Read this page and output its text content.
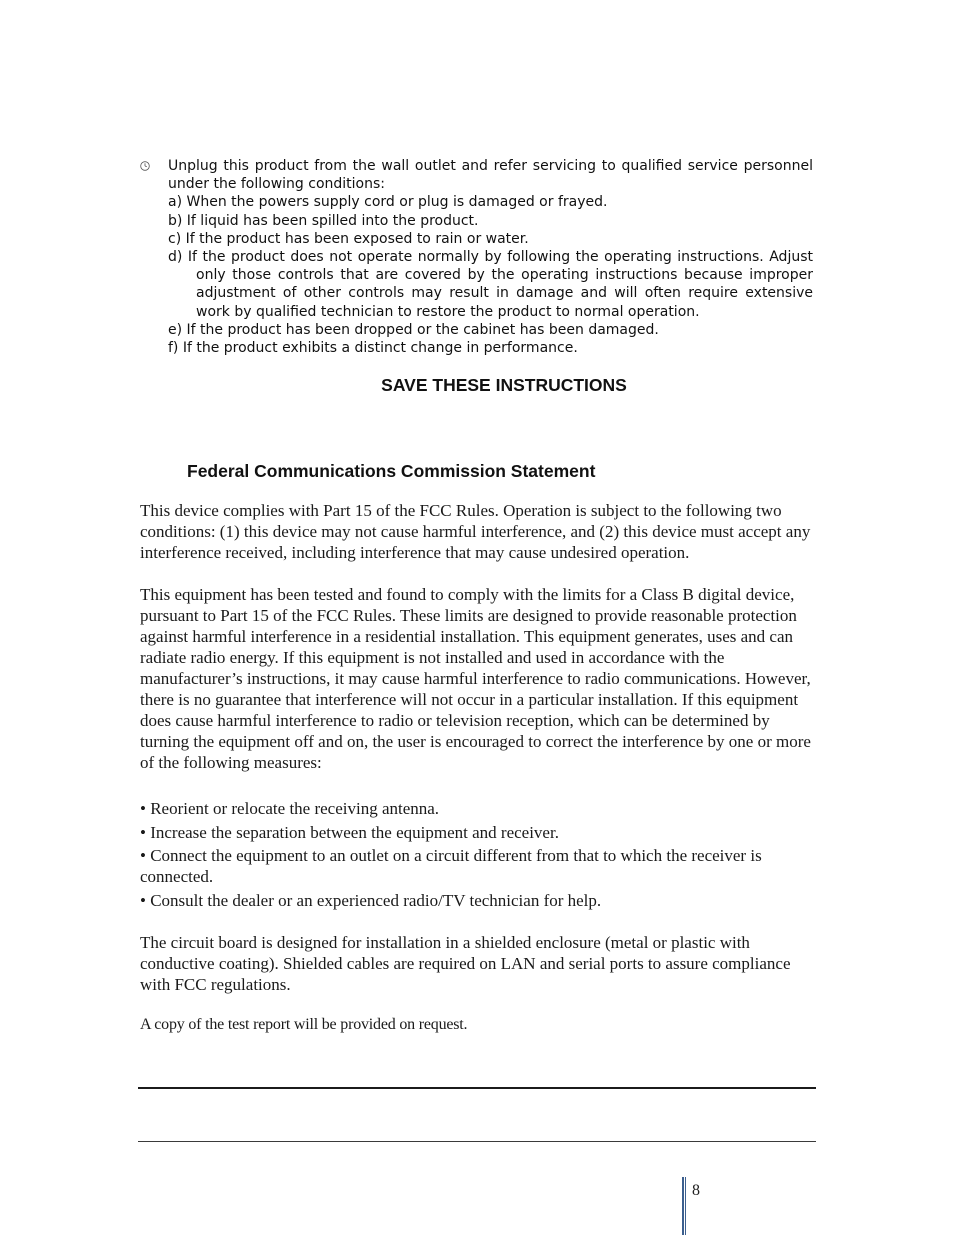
Unplug this product from the wall outlet and refer servicing to qualified service personnel under the following conditions:
a) When the powers supply cord or plug is damaged or frayed.
b) If liquid has been spilled into the product.
c) If the product has been exposed to rain or water.
d) If the product does not operate normally by following the operating instructions. Adjust only those controls that are covered by the operating instructions because improper adjustment of other controls may result in damage and will often require extensive work by qualified technician to restore the product to normal operation.
e) If the product has been dropped or the cabinet has been damaged.
f) If the product exhibits a distinct change in performance.
SAVE THESE INSTRUCTIONS
Federal Communications Commission Statement

This device complies with Part 15 of the FCC Rules. Operation is subject to the following two conditions: (1) this device may not cause harmful interference, and (2) this device must accept any interference received, including interference that may cause undesired operation.

This equipment has been tested and found to comply with the limits for a Class B digital device, pursuant to Part 15 of the FCC Rules. These limits are designed to provide reasonable protection against harmful interference in a residential installation. This equipment generates, uses and can radiate radio energy. If this equipment is not installed and used in accordance with the manufacturer’s instructions, it may cause harmful interference to radio communications. However, there is no guarantee that interference will not occur in a particular installation. If this equipment does cause harmful interference to radio or television reception, which can be determined by turning the equipment off and on, the user is encouraged to correct the interference by one or more of the following measures:

• Reorient or relocate the receiving antenna.

• Increase the separation between the equipment and receiver.

• Connect the equipment to an outlet on a circuit different from that to which the receiver is connected.

• Consult the dealer or an experienced radio/TV technician for help.

The circuit board is designed for installation in a shielded enclosure (metal or plastic with conductive coating). Shielded cables are required on LAN and serial ports to assure compliance with FCC regulations.

A copy of the test report will be provided on request.
8
